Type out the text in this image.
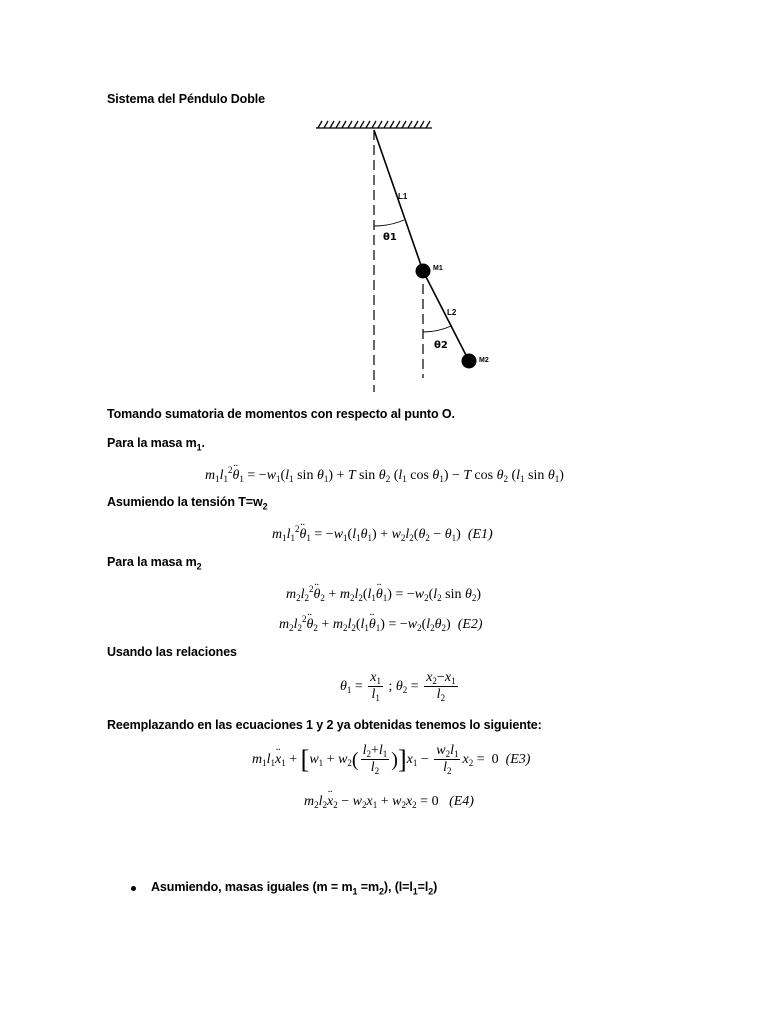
Sistema del Péndulo Doble
L1
θ1
M1
L2
θ2
M2
Tomando sumatoria de momentos con respecto al punto O.
Para la masa $m_1$.
$m_1l_1^2¨$ $\theta_1 = -w_1(l_1$ $\sin \theta_1) + T$ $\sin \theta_2$ ($l_1$ $\cos \theta_1) - T$ $\cos \theta_2$ ($l_1$ $\sin \theta_1$)
Asumiendo la tensión $T=w_2$
$m_1l_1^2¨$ $\theta_1 = -w_1(l_1\theta_1) + w_2l_2(\theta_2 - \theta_1)$ (E1)
Para la masa $m_2$
$m_2l_2^2¨$ $\theta_2$ + $m_2l_2(l_1¨$ $\theta_1) = -w_2(l_2$ $\sin \theta_2$)
$m_2l_2^2¨$ $\theta_2$ + $m_2l_2(l_1¨$ $\theta_1) = -w_2(l_2\theta_2)$ (E2)
Usando las relaciones
$\theta_1 = \frac{x_1}{l_1}$ ; $\theta_2 = \frac{x_2-x_1}{l_2}$
Reemplazando en las ecuaciones 1 y 2 ya obtenidas tenemos lo siguiente:
$m_1l_1¨$ $x_1 + [w_1 + w_2( \frac{l_2+l_1}{l_2} )]x_1 - \frac{w_2l_1}{l_2} x_2 = 0$ (E3)
$m_2l_2¨$ $x_2 - w_2x_1 + w_2x_2 = 0$ (E4)
Asumiendo, masas iguales $(m = m_1 =m_2)$, $(l=l_1=l_2)$
